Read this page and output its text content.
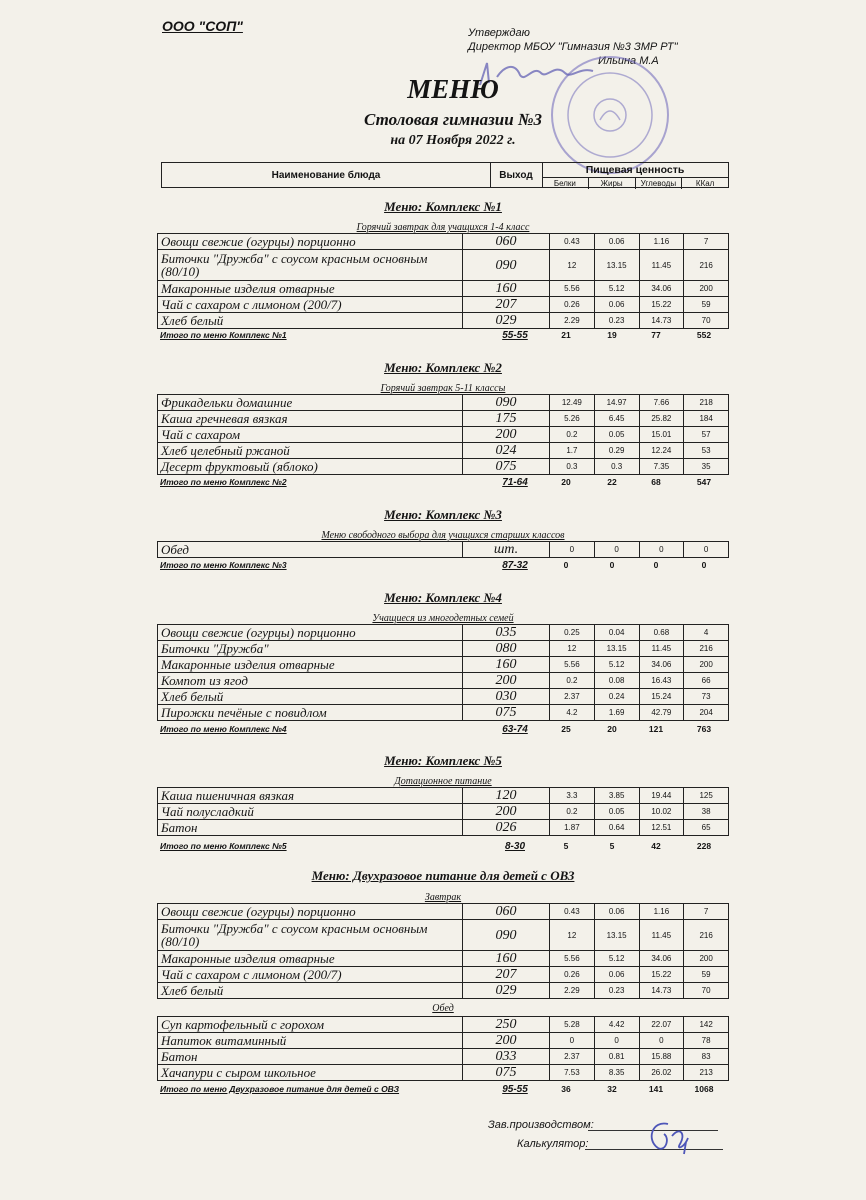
ООО "СОП"	Утверждаю
Директор МБОУ "Гимназия №3 ЗМР РТ"
Ильина М.А
МЕНЮ
Столовая гимназии №3
на 07 Ноября 2022 г.
Наименование блюда	Выход	Пищевая ценность
Белки	Жиры	Углеводы	ККал
Меню: Комплекс №1
Горячий завтрак для учащихся 1-4 класс
Овощи свежие (огурцы) порционно	060	0.43	0.06	1.16	7
Биточки "Дружба" с соусом красным основным (80/10)	090	12	13.15	11.45	216
Макаронные изделия отварные	160	5.56	5.12	34.06	200
Чай с сахаром с лимоном (200/7)	207	0.26	0.06	15.22	59
Хлеб белый	029	2.29	0.23	14.73	70
Итого по меню Комплекс №1	55-55	21	19	77	552
Меню: Комплекс №2
Горячий завтрак 5-11 классы
Фрикадельки домашние	090	12.49	14.97	7.66	218
Каша гречневая вязкая	175	5.26	6.45	25.82	184
Чай с сахаром	200	0.2	0.05	15.01	57
Хлеб целебный ржаной	024	1.7	0.29	12.24	53
Десерт фруктовый (яблоко)	075	0.3	0.3	7.35	35
Итого по меню Комплекс №2	71-64	20	22	68	547
Меню: Комплекс №3
Меню свободного выбора для учащихся старших классов
Обед	шт.	0	0	0	0
Итого по меню Комплекс №3	87-32	0	0	0	0
Меню: Комплекс №4
Учащиеся из многодетных семей
Овощи свежие (огурцы) порционно	035	0.25	0.04	0.68	4
Биточки "Дружба"	080	12	13.15	11.45	216
Макаронные изделия отварные	160	5.56	5.12	34.06	200
Компот из ягод	200	0.2	0.08	16.43	66
Хлеб белый	030	2.37	0.24	15.24	73
Пирожки печёные с повидлом	075	4.2	1.69	42.79	204
Итого по меню Комплекс №4	63-74	25	20	121	763
Меню: Комплекс №5
Дотационное питание
Каша пшеничная вязкая	120	3.3	3.85	19.44	125
Чай полусладкий	200	0.2	0.05	10.02	38
Батон	026	1.87	0.64	12.51	65
Итого по меню Комплекс №5	8-30	5	5	42	228
Меню: Двухразовое питание для детей с ОВЗ
Завтрак
Овощи свежие (огурцы) порционно	060	0.43	0.06	1.16	7
Биточки "Дружба" с соусом красным основным (80/10)	090	12	13.15	11.45	216
Макаронные изделия отварные	160	5.56	5.12	34.06	200
Чай с сахаром с лимоном (200/7)	207	0.26	0.06	15.22	59
Хлеб белый	029	2.29	0.23	14.73	70
Обед
Суп картофельный с горохом	250	5.28	4.42	22.07	142
Напиток витаминный	200	0	0	0	78
Батон	033	2.37	0.81	15.88	83
Хачапури с сыром школьное	075	7.53	8.35	26.02	213
Итого по меню Двухразовое питание для детей с ОВЗ	95-55	36	32	141	1068
Зав.производством:
Калькулятор:
